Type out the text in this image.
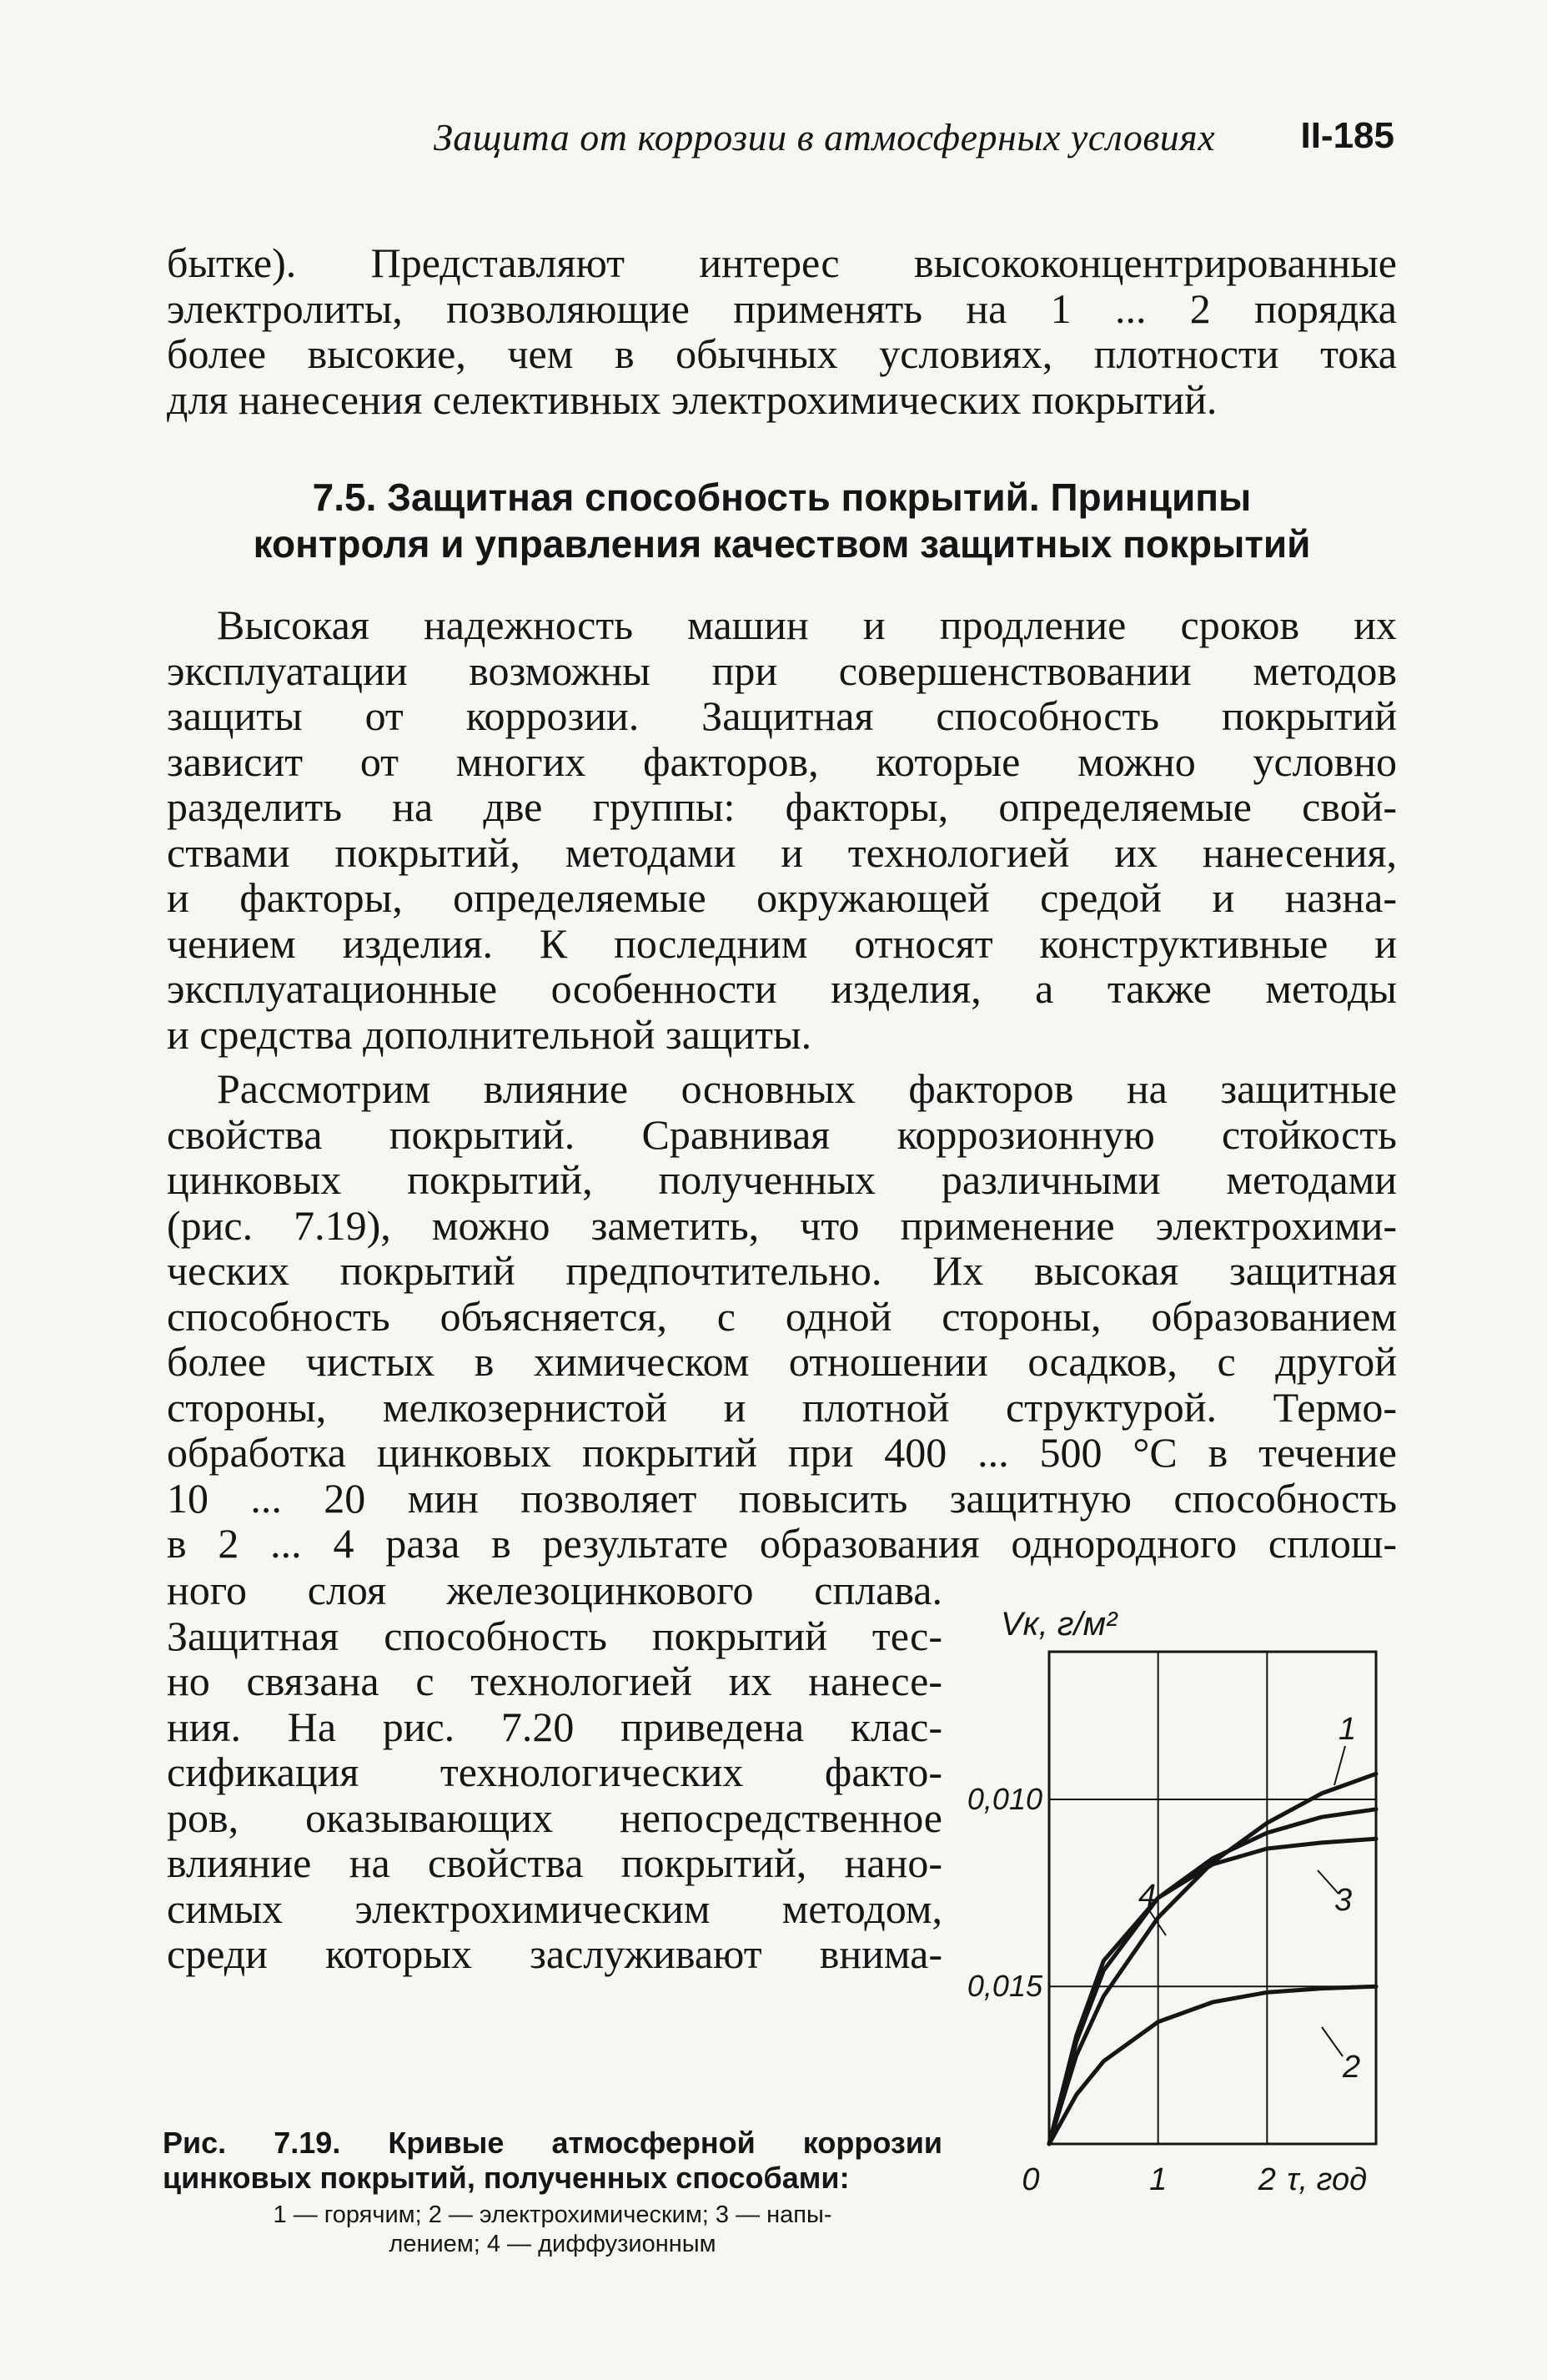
Защита от коррозии в атмосферных условиях II-185
бытке). Представляют интерес высококонцентрированные
электролиты, позволяющие применять на 1 ... 2 порядка
более высокие, чем в обычных условиях, плотности тока
для нанесения селективных электрохимических покрытий.
7.5. Защитная способность покрытий. Принципы
контроля и управления качеством защитных покрытий
Высокая надежность машин и продление сроков их
эксплуатации возможны при совершенствовании методов
защиты от коррозии. Защитная способность покрытий
зависит от многих факторов, которые можно условно
разделить на две группы: факторы, определяемые свой-
ствами покрытий, методами и технологией их нанесения,
и факторы, определяемые окружающей средой и назна-
чением изделия. К последним относят конструктивные и
эксплуатационные особенности изделия, а также методы
и средства дополнительной защиты.
Рассмотрим влияние основных факторов на защитные
свойства покрытий. Сравнивая коррозионную стойкость
цинковых покрытий, полученных различными методами
(рис. 7.19), можно заметить, что применение электрохими-
ческих покрытий предпочтительно. Их высокая защитная
способность объясняется, с одной стороны, образованием
более чистых в химическом отношении осадков, с другой
стороны, мелкозернистой и плотной структурой. Термо-
обработка цинковых покрытий при 400 ... 500 °С в течение
10 ... 20 мин позволяет повысить защитную способность
в 2 ... 4 раза в результате образования однородного сплош-
ного слоя железоцинкового сплава.
Защитная способность покрытий тес-
но связана с технологией их нанесе-
ния. На рис. 7.20 приведена клас-
сификация технологических факто-
ров, оказывающих непосредственное
влияние на свойства покрытий, нано-
симых электрохимическим методом,
среди которых заслуживают внима-
Vк, г/м²
0,015
0,010
0	1	2 τ, год
1
2
3
4
Рис. 7.19. Кривые атмосферной коррозии
цинковых покрытий, полученных способами:
1 — горячим; 2 — электрохимическим; 3 — напы-
лением; 4 — диффузионным
